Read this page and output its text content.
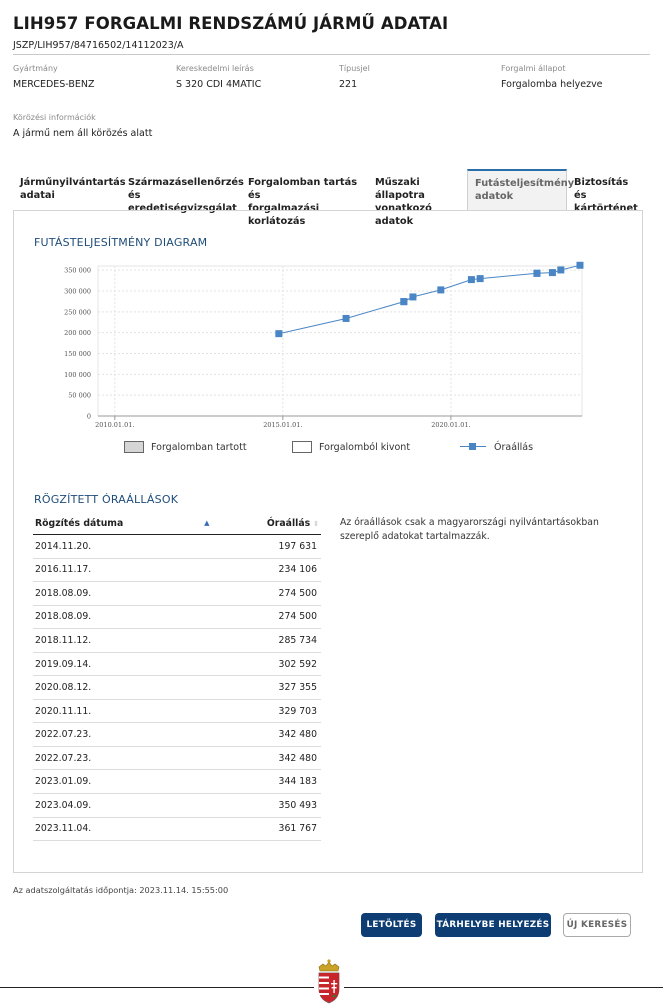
LIH957 FORGALMI RENDSZÁMÚ JÁRMŰ ADATAI
JSZP/LIH957/84716502/14112023/A
Gyártmány
MERCEDES-BENZ
Kereskedelmi leírás
S 320 CDI 4MATIC
Típusjel
221
Forgalmi állapot
Forgalomba helyezve
Körözési információk
A jármű nem áll körözés alatt
Járműnyilvántartás
adatai
Származásellenőrzés
és eredetiségvizsgálat
Forgalomban tartás és
forgalmazási korlátozás
Műszaki állapotra
vonatkozó adatok
Futásteljesítmény
adatok
Biztosítás és
kártörténet
FUTÁSTELJESÍTMÉNY DIAGRAM
0
50 000
100 000
150 000
200 000
250 000
300 000
350 000
2010.01.01.	2015.01.01.	2020.01.01.
Forgalomban tartott	Forgalomból kivont	Óraállás
RÖGZÍTETT ÓRAÁLLÁSOK
Rögzítés dátuma ▲	Óraállás ⇕
2014.11.20.	197 631
2016.11.17.	234 106
2018.08.09.	274 500
2018.08.09.	274 500
2018.11.12.	285 734
2019.09.14.	302 592
2020.08.12.	327 355
2020.11.11.	329 703
2022.07.23.	342 480
2022.07.23.	342 480
2023.01.09.	344 183
2023.04.09.	350 493
2023.11.04.	361 767
Az óraállások csak a magyarországi nyilvántartásokban szereplő adatokat tartalmazzák.
Az adatszolgáltatás időpontja: 2023.11.14. 15:55:00
LETÖLTÉS	TÁRHELYBE HELYEZÉS	ÚJ KERESÉS
